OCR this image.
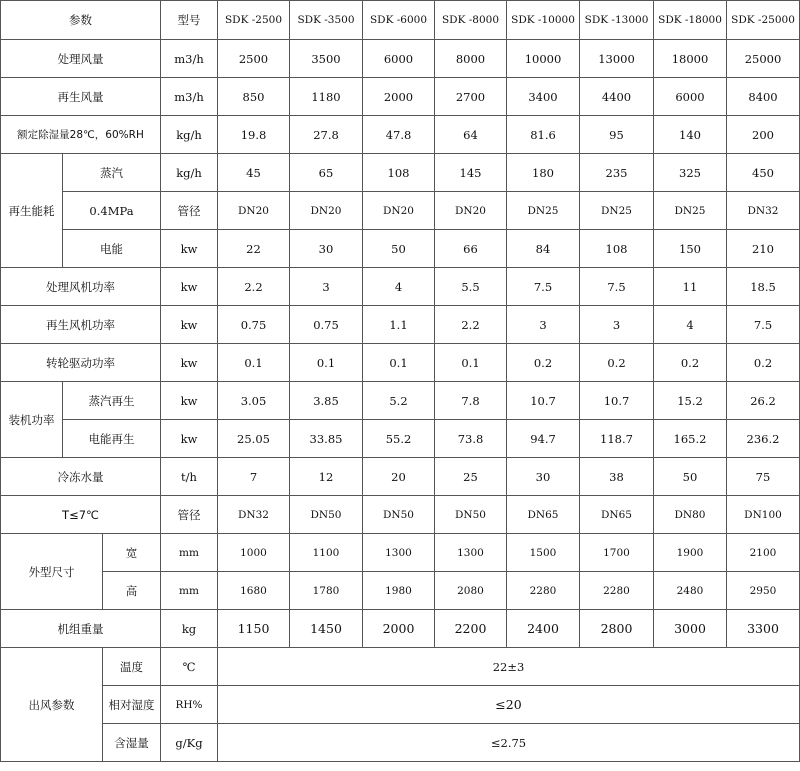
参数			型号	SDK -2500	SDK -3500	SDK -6000	SDK -8000	SDK -10000	SDK -13000	SDK -18000	SDK -25000
处理风量			m3/h	2500	3500	6000	8000	10000	13000	18000	25000
再生风量			m3/h	850	1180	2000	2700	3400	4400	6000	8400
额定除湿量28℃，60%RH			kg/h	19.8	27.8	47.8	64	81.6	95	140	200
再生能耗	蒸汽		kg/h	45	65	108	145	180	235	325	450
	0.4MPa		管径	DN20	DN20	DN20	DN20	DN25	DN25	DN25	DN32
	电能		kw	22	30	50	66	84	108	150	210
处理风机功率			kw	2.2	3	4	5.5	7.5	7.5	11	18.5
再生风机功率			kw	0.75	0.75	1.1	2.2	3	3	4	7.5
转轮驱动功率			kw	0.1	0.1	0.1	0.1	0.2	0.2	0.2	0.2
装机功率	蒸汽再生		kw	3.05	3.85	5.2	7.8	10.7	10.7	15.2	26.2
	电能再生		kw	25.05	33.85	55.2	73.8	94.7	118.7	165.2	236.2
冷冻水量			t/h	7	12	20	25	30	38	50	75
T≤7℃			管径	DN32	DN50	DN50	DN50	DN65	DN65	DN80	DN100
外型尺寸		宽	mm	1000	1100	1300	1300	1500	1700	1900	2100
		高	mm	1680	1780	1980	2080	2280	2280	2480	2950
机组重量			kg	1150	1450	2000	2200	2400	2800	3000	3300
出风参数		温度	℃	22±3							
		相对湿度	RH%	≤20							
		含湿量	g/Kg	≤2.75							
